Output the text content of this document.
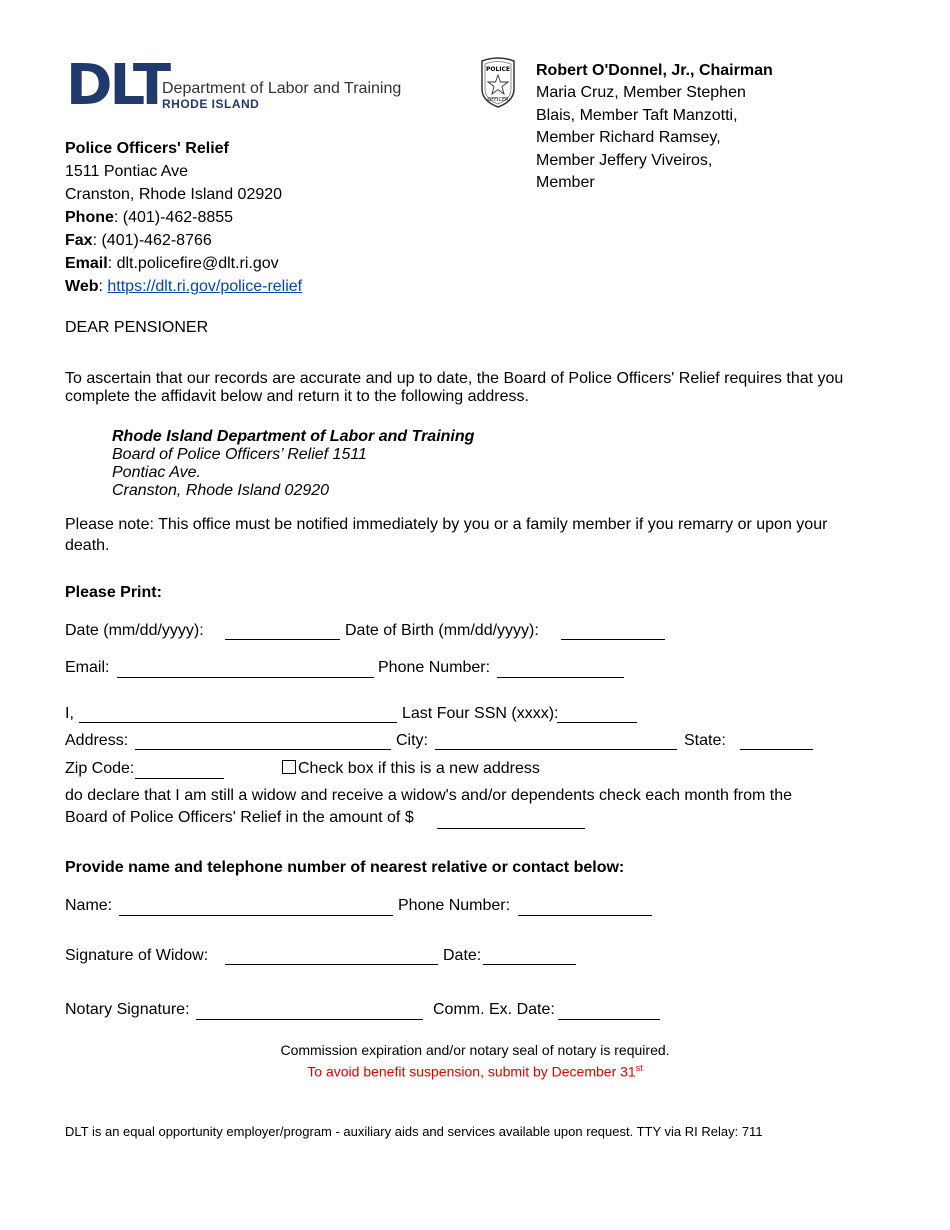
DLT
Department of Labor and Training
RHODE ISLAND
POLICE
OFFICER
Robert O'Donnel, Jr., Chairman
Maria Cruz, Member Stephen
Blais, Member Taft Manzotti,
Member Richard Ramsey,
Member Jeffery Viveiros,
Member
Police Officers' Relief
1511 Pontiac Ave
Cranston, Rhode Island 02920
Phone: (401)-462-8855
Fax: (401)-462-8766
Email: dlt.policefire@dlt.ri.gov
Web: https://dlt.ri.gov/police-relief
DEAR PENSIONER
To ascertain that our records are accurate and up to date, the Board of Police Officers' Relief requires that you complete the affidavit below and return it to the following address.
Rhode Island Department of Labor and Training
Board of Police Officers’ Relief 1511
Pontiac Ave.
Cranston, Rhode Island 02920
Please note: This office must be notified immediately by you or a family member if you remarry or upon your death.
Please Print:
Date (mm/dd/yyyy):	Date of Birth (mm/dd/yyyy):
Email:	Phone Number:
I,	Last Four SSN (xxxx):
Address:	City:	State:
Zip Code:	Check box if this is a new address
do declare that I am still a widow and receive a widow's and/or dependents check each month from the
Board of Police Officers' Relief in the amount of $
Provide name and telephone number of nearest relative or contact below:
Name:	Phone Number:
Signature of Widow:	Date:
Notary Signature:	Comm. Ex. Date:
Commission expiration and/or notary seal of notary is required.
To avoid benefit suspension, submit by December 31st
DLT is an equal opportunity employer/program - auxiliary aids and services available upon request. TTY via RI Relay: 711
